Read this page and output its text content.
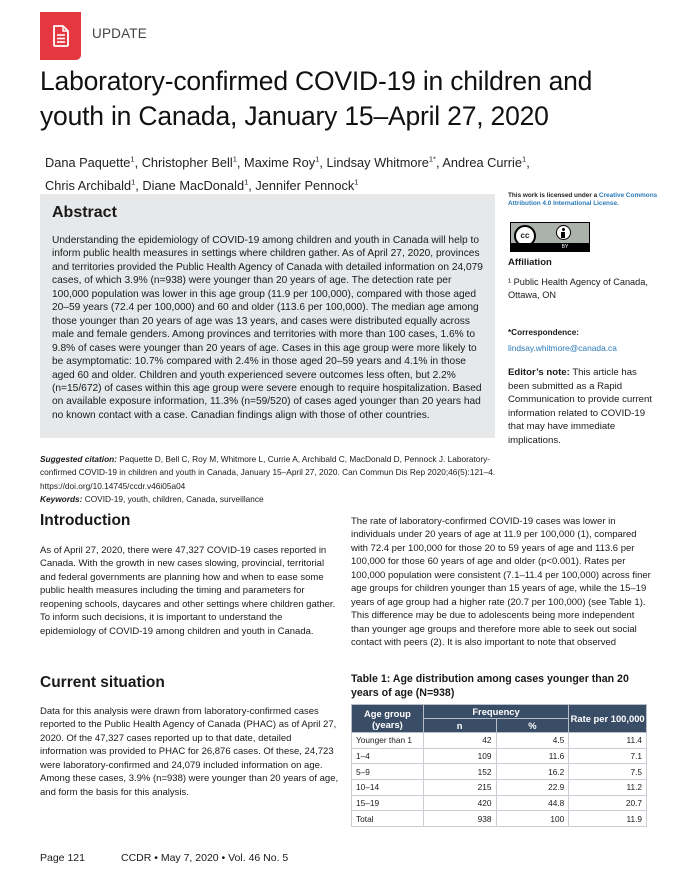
UPDATE
Laboratory-confirmed COVID-19 in children and
youth in Canada, January 15–April 27, 2020
Dana Paquette$^1$, Christopher Bell$^1$, Maxime Roy$^1$, Lindsay Whitmore$^{1*}$, Andrea Currie$^1$,
Chris Archibald$^1$, Diane MacDonald$^1$, Jennifer Pennock$^1$
Abstract

Understanding the epidemiology of COVID-19 among children and youth in Canada will help to inform public health measures in settings where children gather. As of April 27, 2020, provinces and territories provided the Public Health Agency of Canada with detailed information on 24,079 cases, of which 3.9% (n=938) were younger than 20 years of age. The detection rate per 100,000 population was lower in this age group (11.9 per 100,000), compared with those aged 20–59 years (72.4 per 100,000) and 60 and older (113.6 per 100,000). The median age among those younger than 20 years of age was 13 years, and cases were distributed equally across male and female genders. Among provinces and territories with more than 100 cases, 1.6% to 9.8% of cases were younger than 20 years of age. Cases in this age group were more likely to be asymptomatic: 10.7% compared with 2.4% in those aged 20–59 years and 4.1% in those aged 60 and older. Children and youth experienced severe outcomes less often, but 2.2% (n=15/672) of cases within this age group were severe enough to require hospitalization. Based on available exposure information, 11.3% (n=59/520) of cases aged younger than 20 years had no known contact with a case. Canadian findings align with those of other countries.

This work is licensed under a Creative Commons Attribution 4.0 International License.
cc
BY
Affiliation
¹ Public Health Agency of Canada, Ottawa, ON
*Correspondence:
lindsay.whitmore@canada.ca
Editor’s note: This article has been submitted as a Rapid Communication to provide current information related to COVID-19 that may have immediate implications.
Suggested citation: Paquette D, Bell C, Roy M, Whitmore L, Currie A, Archibald C, MacDonald D, Pennock J. Laboratory-confirmed COVID-19 in children and youth in Canada, January 15–April 27, 2020. Can Commun Dis Rep 2020;46(5):121–4. https://doi.org/10.14745/ccdr.v46i05a04
Keywords: COVID-19, youth, children, Canada, surveillance
Introduction

As of April 27, 2020, there were 47,327 COVID-19 cases reported in Canada. With the growth in new cases slowing, provincial, territorial and federal governments are planning how and when to ease some public health measures including the timing and parameters for reopening schools, daycares and other settings where children gather. To inform such decisions, it is important to understand the epidemiology of COVID-19 among children and youth in Canada.

Current situation

Data for this analysis were drawn from laboratory-confirmed cases reported to the Public Health Agency of Canada (PHAC) as of April 27, 2020. Of the 47,327 cases reported up to that date, detailed information was provided to PHAC for 26,876 cases. Of these, 24,723 were laboratory-confirmed and 24,079 included information on age. Among these cases, 3.9% (n=938) were younger than 20 years of age, and form the basis for this analysis.

The rate of laboratory-confirmed COVID-19 cases was lower in individuals under 20 years of age at 11.9 per 100,000 (1), compared with 72.4 per 100,000 for those 20 to 59 years of age and 113.6 per 100,000 for those 60 years of age and older (p<0.001). Rates per 100,000 population were consistent (7.1–11.4 per 100,000) across finer age groups for children younger than 15 years of age, while the 15–19 years of age group had a higher rate (20.7 per 100,000) (see Table 1). This difference may be due to adolescents being more independent than younger age groups and therefore more able to seek out social contact with peers (2). It is also important to note that observed

Table 1: Age distribution among cases younger than 20 years of age (N=938)
Age group (years)	Frequency		Rate per 100,000
	n	%	
Younger than 1	42	4.5	11.4
1–4	109	11.6	7.1
5–9	152	16.2	7.5
10–14	215	22.9	11.2
15–19	420	44.8	20.7
Total	938	100	11.9
Page 121	CCDR • May 7, 2020 • Vol. 46 No. 5
